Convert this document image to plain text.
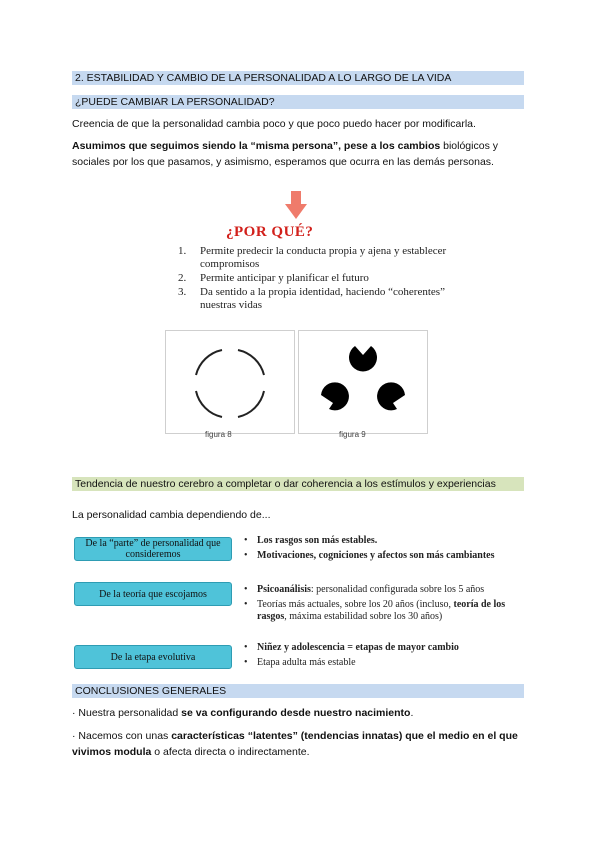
2. ESTABILIDAD Y CAMBIO DE LA PERSONALIDAD A LO LARGO DE LA VIDA
¿PUEDE CAMBIAR LA PERSONALIDAD?

Creencia de que la personalidad cambia poco y que poco puedo hacer por modificarla.

Asumimos que seguimos siendo la “misma persona”, pese a los cambios biológicos y sociales por los que pasamos, y asimismo, esperamos que ocurra en las demás personas.

¿POR QUÉ?
1. Permite predecir la conducta propia y ajena y establecer compromisos
2. Permite anticipar y planificar el futuro
3. Da sentido a la propia identidad, haciendo “coherentes” nuestras vidas
figura 8	figura 9
Tendencia de nuestro cerebro a completar o dar coherencia a los estímulos y experiencias

La personalidad cambia dependiendo de...

De la “parte” de personalidad que consideremos
• Los rasgos son más estables.
• Motivaciones, cogniciones y afectos son más cambiantes
De la teoría que escojamos
•	Psicoanálisis: personalidad configurada sobre los 5 años
• Teorías más actuales, sobre los 20 años (incluso, teoría de los rasgos, máxima estabilidad sobre los 30 años)
De la etapa evolutiva
• Niñez y adolescencia = etapas de mayor cambio
• Etapa adulta más estable
CONCLUSIONES GENERALES

· Nuestra personalidad se va configurando desde nuestro nacimiento.

· Nacemos con unas características “latentes” (tendencias innatas) que el medio en el que vivimos modula o afecta directa o indirectamente.
